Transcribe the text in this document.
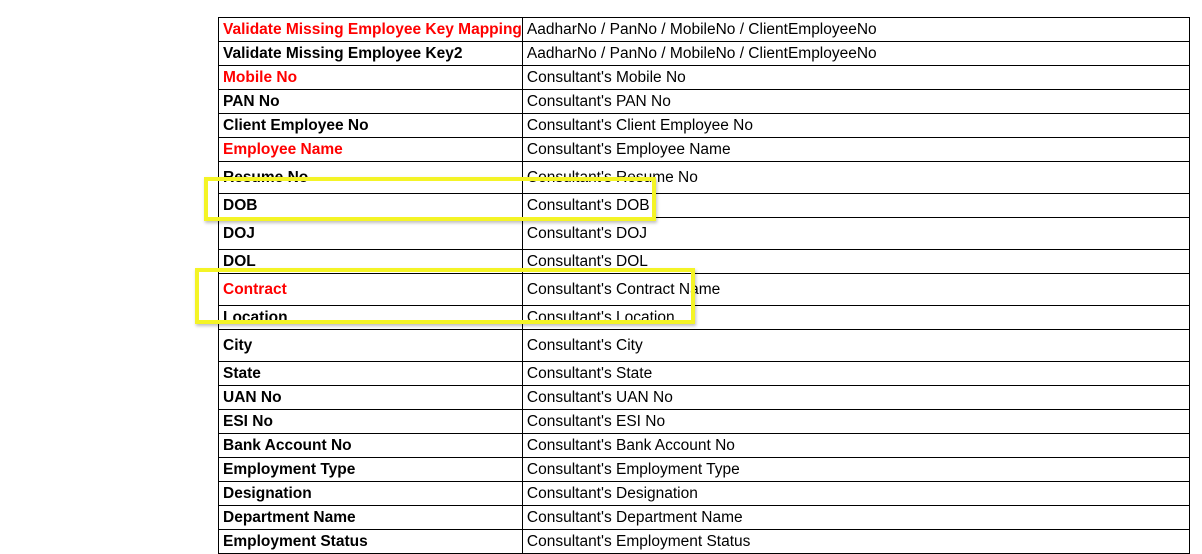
Validate Missing Employee Key Mapping	AadharNo / PanNo / MobileNo / ClientEmployeeNo
Validate Missing Employee Key2	AadharNo / PanNo / MobileNo / ClientEmployeeNo
Mobile No	Consultant's Mobile No
PAN No	Consultant's PAN No
Client Employee No	Consultant's Client Employee No
Employee Name	Consultant's Employee Name
Resume No	Consultant's Resume No
DOB	Consultant's DOB
DOJ	Consultant's DOJ
DOL	Consultant's DOL
Contract	Consultant's Contract Name
Location	Consultant's Location
City	Consultant's City
State	Consultant's State
UAN No	Consultant's UAN No
ESI No	Consultant's ESI No
Bank Account No	Consultant's Bank Account No
Employment Type	Consultant's Employment Type
Designation	Consultant's Designation
Department Name	Consultant's Department Name
Employment Status	Consultant's Employment Status
